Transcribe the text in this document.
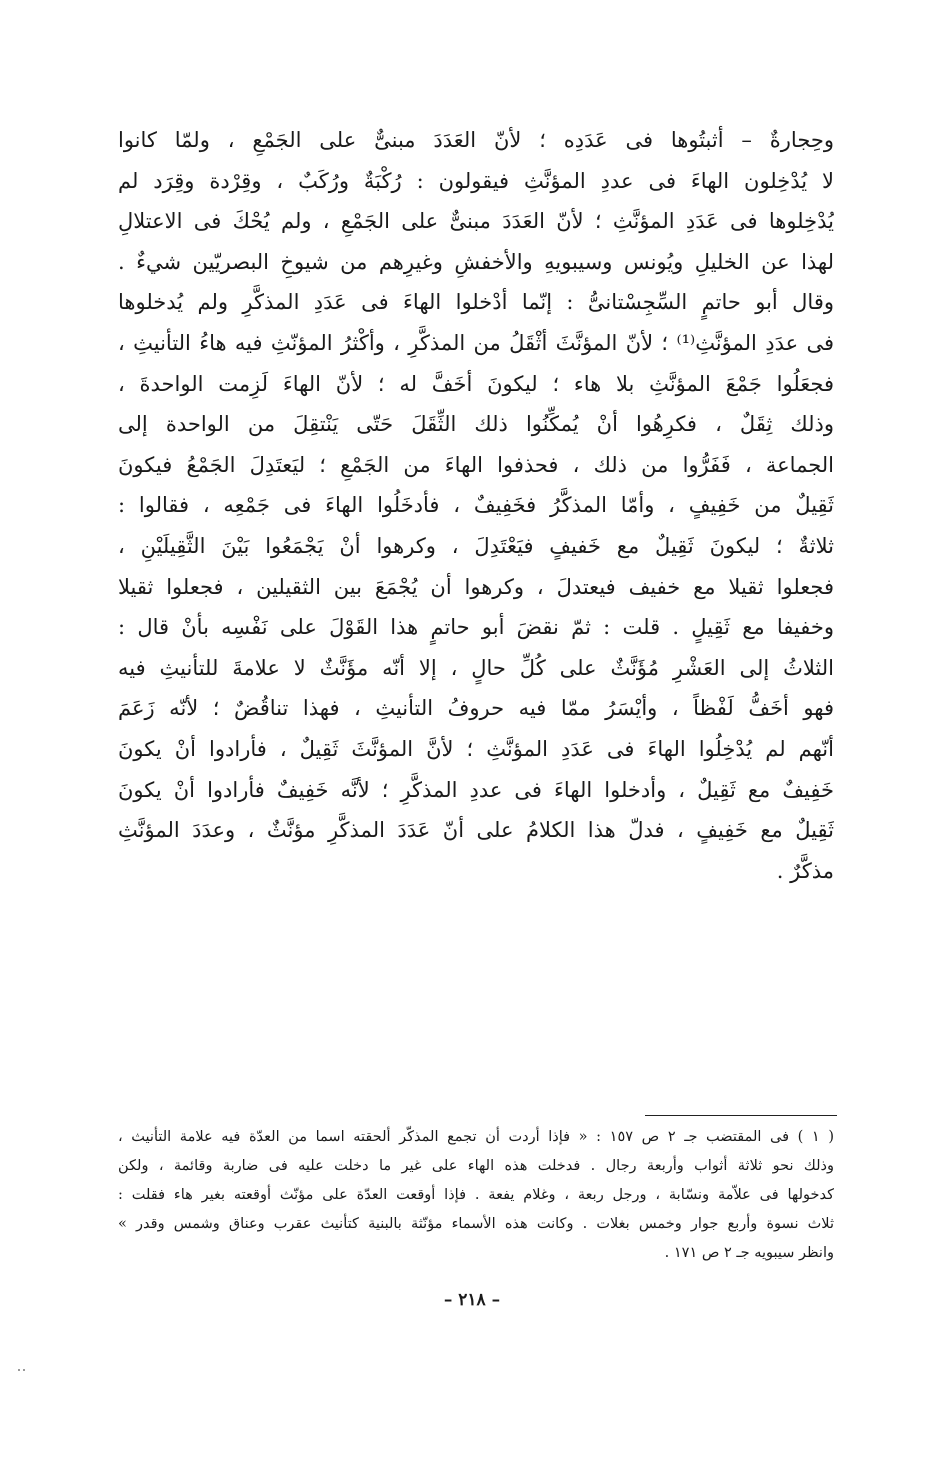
وحِجارةٌ – أثبتُوها فى عَدَدِه ؛ لأنّ العَدَدَ مبنىٌّ على الجَمْعِ ، ولمّا كانوا
لا يُدْخِلون الهاءَ فى عددِ المؤنَّثِ فيقولون : رُكْبَةٌ ورُكَبٌ ، وقِرْدة وقِرَد لم
يُدْخِلوها فى عَدَدِ المؤنَّثِ ؛ لأنّ العَدَدَ مبنىٌّ على الجَمْعِ ، ولم يُحْكَ فى الاعتلالِ
لهذا عن الخليلِ ويُونس وسيبويهِ والأخفشِ وغيرِهم من شيوخِ البصريّين شيءٌ .
وقال أبو حاتمٍ السِّجِسْتانىُّ : إنّما أدْخلوا الهاءَ فى عَدَدِ المذكَّرِ ولم يُدخلوها
فى عدَدِ المؤنَّثِ⁽¹⁾ ؛ لأنّ المؤنَّثَ أثْقَلُ من المذكَّرِ ، وأكْثرُ المؤنّثِ فيه هاءُ التأنيثِ ،
فجعَلُوا جَمْعَ المؤنَّثِ بلا هاء ؛ ليكونَ أخَفَّ له ؛ لأنّ الهاءَ لَزِمت الواحدةَ ،
وذلك ثِقَلٌ ، فكرِهُوا أنْ يُمكِّنُوا ذلك الثِّقَلَ حَتّى يَنْتقِلَ من الواحدة إلى
الجماعة ، فَفَرُّوا من ذلك ، فحذفوا الهاءَ من الجَمْعِ ؛ ليَعتَدِلَ الجَمْعُ فيكونَ
ثَقِيلٌ من خَفِيفٍ ، وأمّا المذكَّرُ فخَفِيفٌ ، فأدخَلُوا الهاءَ فى جَمْعِه ، فقالوا :
ثلاثةٌ ؛ ليكونَ ثَقِيلٌ مع خَفيفٍ فيَعْتَدِلَ ، وكرهوا أنْ يَجْمَعُوا بَيْنَ الثَّقِيلَيْنِ ،
فجعلوا ثقيلا مع خفيف فيعتدلَ ، وكرهوا أن يُجْمَعَ بين الثقيلين ، فجعلوا ثقيلا
وخفيفا مع ثَقِيلٍ . قلت : ثمّ نقضَ أبو حاتمٍ هذا القَوْلَ على نَفْسِه بأنْ قال :
الثلاثُ إلى العَشْرِ مُؤَنَّثٌ على كُلِّ حالٍ ، إلا أنّه مؤَنَّثٌ لا علامةَ للتأنيثِ فيه
فهو أخَفُّ لَفْظاً ، وأيْسَرُ ممّا فيه حروفُ التأنيثِ ، فهذا تناقُضٌ ؛ لأنّه زَعَمَ
أنّهم لم يُدْخِلُوا الهاءَ فى عَدَدِ المؤنَّثِ ؛ لأنَّ المؤنَّثَ ثَقِيلٌ ، فأرادوا أنْ يكونَ
خَفِيفٌ مع ثَقِيلٌ ، وأدخلوا الهاءَ فى عددِ المذكَّرِ ؛ لأنَّه خَفِيفٌ فأرادوا أنْ يكونَ
ثَقِيلٌ مع خَفِيفٍ ، فدلّ هذا الكلامُ على أنّ عَدَدَ المذكَّرِ مؤنَّثٌ ، وعدَدَ المؤنَّثِ
مذكَّرٌ .
( ١ ) فى المقتضب جـ ٢ ص ١٥٧ : « فإذا أردت أن تجمع المذكّر ألحقته اسما من العدّة فيه علامة التأنيث ،
وذلك نحو ثلاثة أثواب وأربعة رجال . فدخلت هذه الهاء على غير ما دخلت عليه فى ضاربة وقائمة ، ولكن
كدخولها فى علاّمة ونسّابة ، ورجل ربعة ، وغلام يفعة . فإذا أوقعت العدّة على مؤنّث أوقعته بغير هاء فقلت :
ثلاث نسوة وأربع جوار وخمس بغلات . وكانت هذه الأسماء مؤنّثة بالبنية كتأنيث عقرب وعناق وشمس وقدر »
وانظر سيبويه جـ ٢ ص ١٧١ .
– ٢١٨ –
